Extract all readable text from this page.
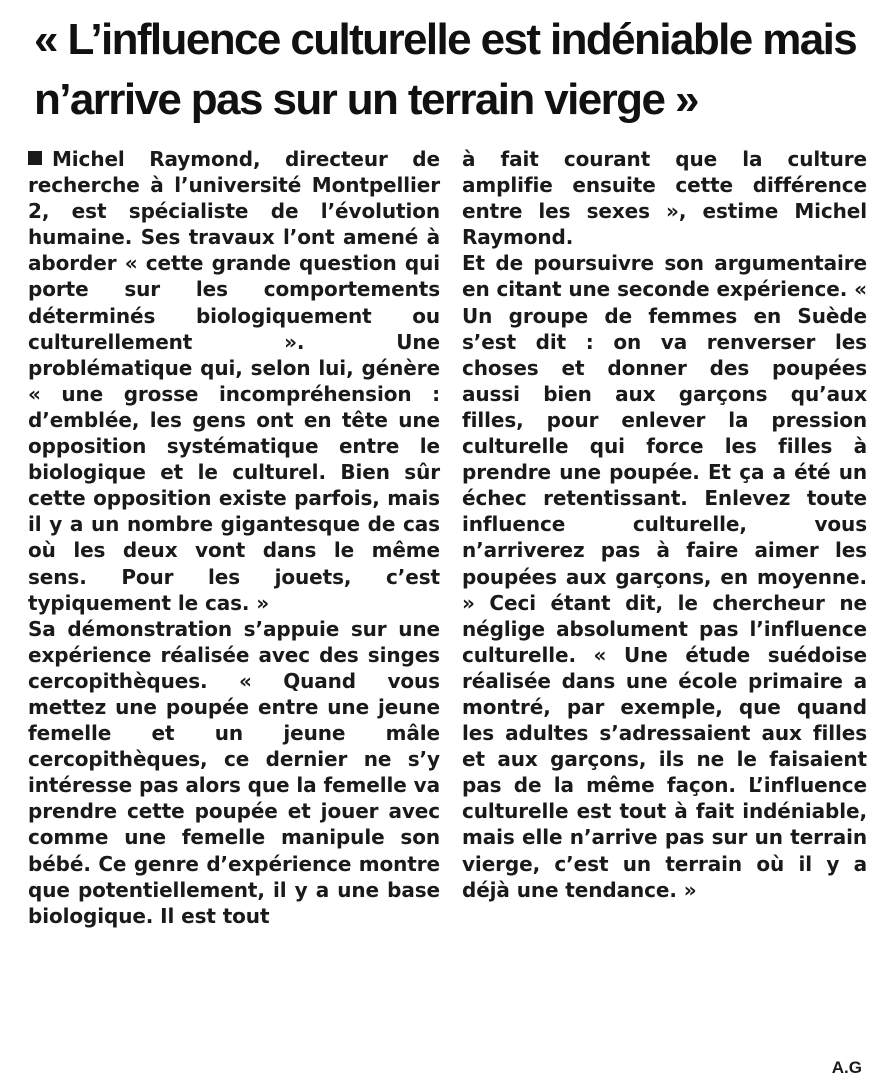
« L’influence culturelle est indéniable mais n’arrive pas sur un terrain vierge »

Michel Raymond, directeur de recherche à l’université Montpellier 2, est spécialiste de l’évolution humaine. Ses travaux l’ont amené à aborder « cette grande question qui porte sur les comportements déterminés biologiquement ou culturellement ». Une problématique qui, selon lui, génère « une grosse incompréhension : d’emblée, les gens ont en tête une opposition systématique entre le biologique et le culturel. Bien sûr cette opposition existe parfois, mais il y a un nombre gigantesque de cas où les deux vont dans le même sens. Pour les jouets, c’est typiquement le cas. »

Sa démonstration s’appuie sur une expérience réalisée avec des singes cercopithèques. « Quand vous mettez une poupée entre une jeune femelle et un jeune mâle cercopithèques, ce dernier ne s’y intéresse pas alors que la femelle va prendre cette poupée et jouer avec comme une femelle manipule son bébé. Ce genre d’expérience montre que potentiellement, il y a une base biologique. Il est tout

à fait courant que la culture amplifie ensuite cette différence entre les sexes », estime Michel Raymond.

Et de poursuivre son argumentaire en citant une seconde expérience. « Un groupe de femmes en Suède s’est dit : on va renverser les choses et donner des poupées aussi bien aux garçons qu’aux filles, pour enlever la pression culturelle qui force les filles à prendre une poupée. Et ça a été un échec retentissant. Enlevez toute influence culturelle, vous n’arriverez pas à faire aimer les poupées aux garçons, en moyenne. » Ceci étant dit, le chercheur ne néglige absolument pas l’influence culturelle. « Une étude suédoise réalisée dans une école primaire a montré, par exemple, que quand les adultes s’adressaient aux filles et aux garçons, ils ne le faisaient pas de la même façon. L’influence culturelle est tout à fait indéniable, mais elle n’arrive pas sur un terrain vierge, c’est un terrain où il y a déjà une tendance. »

A.G
